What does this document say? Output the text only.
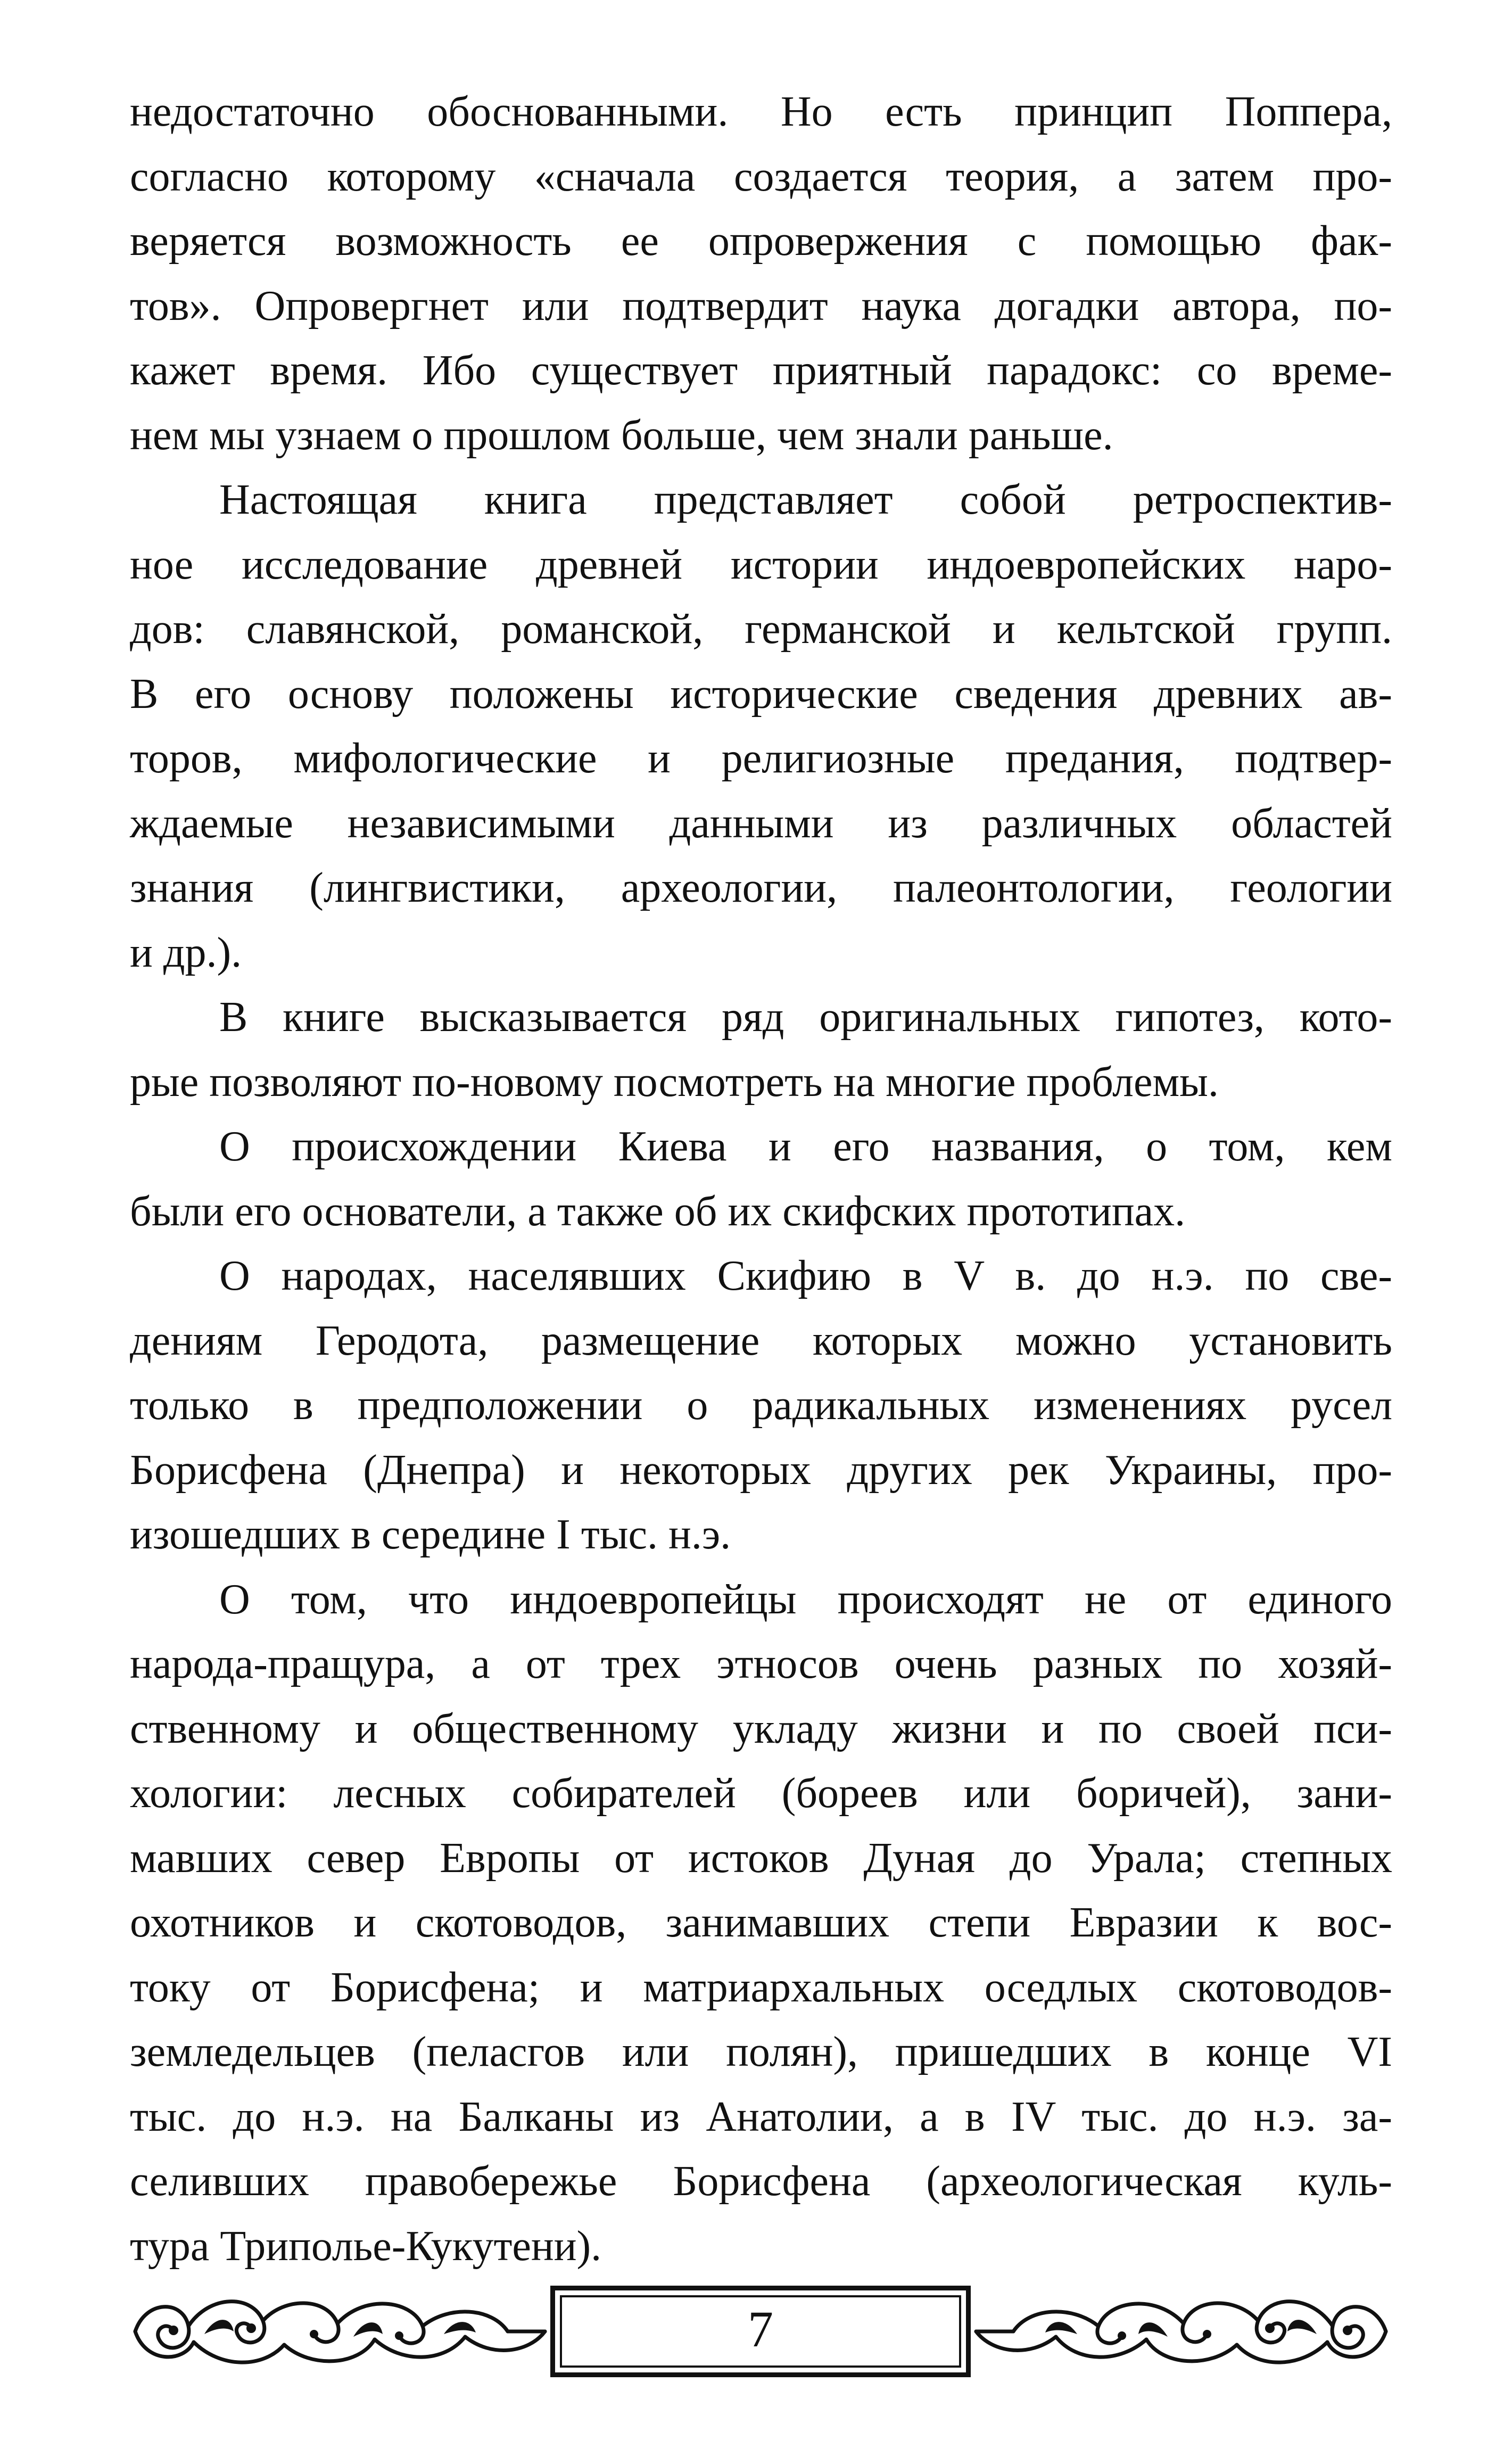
недостаточно обоснованными. Но есть принцип Поппера,
согласно которому «сначала создается теория, а затем про-
веряется возможность ее опровержения с помощью фак-
тов». Опровергнет или подтвердит наука догадки автора, по-
кажет время. Ибо существует приятный парадокс: со време-
нем мы узнаем о прошлом больше, чем знали раньше.

Настоящая книга представляет собой ретроспектив-
ное исследование древней истории индоевропейских наро-
дов: славянской, романской, германской и кельтской групп.
В его основу положены исторические сведения древних ав-
торов, мифологические и религиозные предания, подтвер-
ждаемые независимыми данными из различных областей
знания (лингвистики, археологии, палеонтологии, геологии
и др.).

В книге высказывается ряд оригинальных гипотез, кото-
рые позволяют по-новому посмотреть на многие проблемы.

О происхождении Киева и его названия, о том, кем
были его основатели, а также об их скифских прототипах.

О народах, населявших Скифию в V в. до н.э. по све-
дениям Геродота, размещение которых можно установить
только в предположении о радикальных изменениях русел
Борисфена (Днепра) и некоторых других рек Украины, про-
изошедших в середине I тыс. н.э.

О том, что индоевропейцы происходят не от единого
народа-пращура, а от трех этносов очень разных по хозяй-
ственному и общественному укладу жизни и по своей пси-
хологии: лесных собирателей (бореев или боричей), зани-
мавших север Европы от истоков Дуная до Урала; степных
охотников и скотоводов, занимавших степи Евразии к вос-
току от Борисфена; и матриархальных оседлых скотоводов-
земледельцев (пеласгов или полян), пришедших в конце VI
тыс. до н.э. на Балканы из Анатолии, а в IV тыс. до н.э. за-
селивших правобережье Борисфена (археологическая куль-
тура Триполье-Кукутени).

7
